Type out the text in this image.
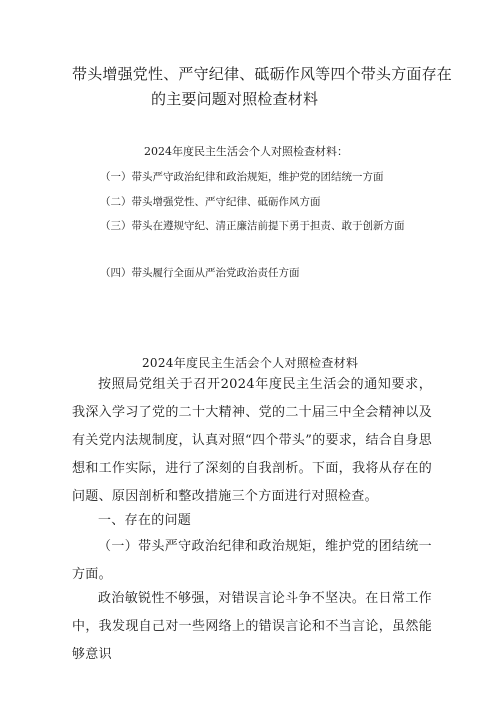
带头增强党性、严守纪律、砥砺作风等四个带头方面存在
的主要问题对照检查材料
2024年度民主生活会个人对照检查材料：
（一）带头严守政治纪律和政治规矩，维护党的团结统一方面
（二）带头增强党性、严守纪律、砥砺作风方面
（三）带头在遵规守纪、清正廉洁前提下勇于担责、敢于创新方面
（四）带头履行全面从严治党政治责任方面
2024年度民主生活会个人对照检查材料
按照局党组关于召开2024年度民主生活会的通知要求，我深入学习了党的二十大精神、党的二十届三中全会精神以及有关党内法规制度，认真对照“四个带头”的要求，结合自身思想和工作实际，进行了深刻的自我剖析。下面，我将从存在的问题、原因剖析和整改措施三个方面进行对照检查。
一、存在的问题
（一）带头严守政治纪律和政治规矩，维护党的团结统一方面。
政治敏锐性不够强，对错误言论斗争不坚决。在日常工作中，我发现自己对一些网络上的错误言论和不当言论，虽然能够意识
